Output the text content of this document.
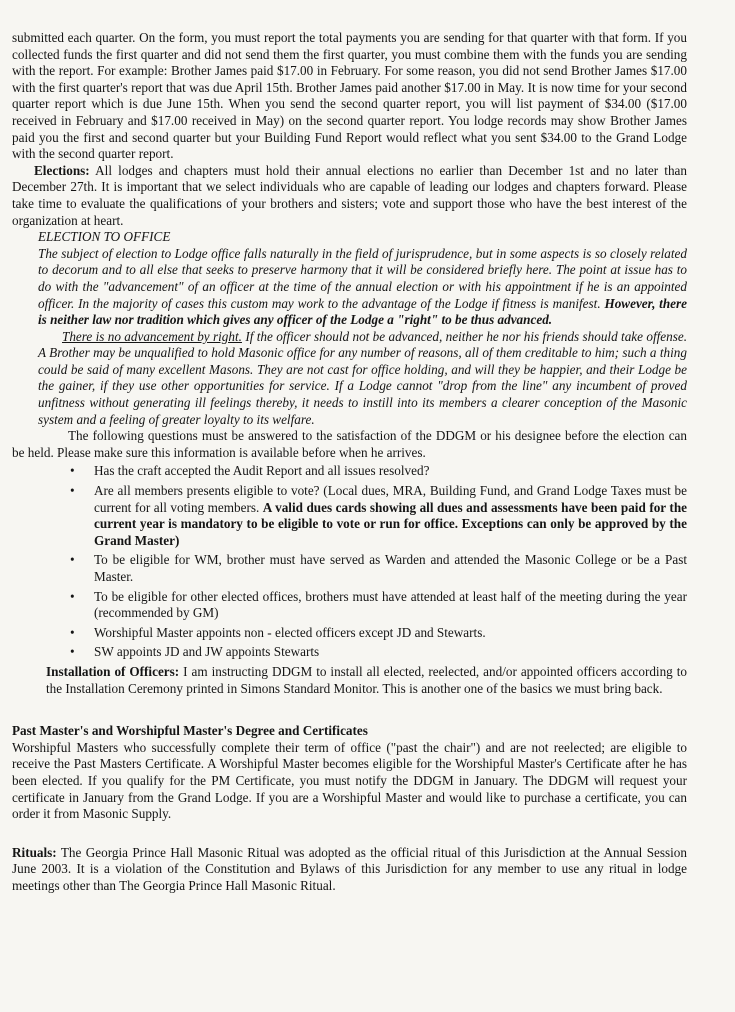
submitted each quarter. On the form, you must report the total payments you are sending for that quarter with that form. If you collected funds the first quarter and did not send them the first quarter, you must combine them with the funds you are sending with the report. For example: Brother James paid $17.00 in February. For some reason, you did not send Brother James $17.00 with the first quarter's report that was due April 15th. Brother James paid another $17.00 in May. It is now time for your second quarter report which is due June 15th. When you send the second quarter report, you will list payment of $34.00 ($17.00 received in February and $17.00 received in May) on the second quarter report. You lodge records may show Brother James paid you the first and second quarter but your Building Fund Report would reflect what you sent $34.00 to the Grand Lodge with the second quarter report.

Elections: All lodges and chapters must hold their annual elections no earlier than December 1st and no later than December 27th. It is important that we select individuals who are capable of leading our lodges and chapters forward. Please take time to evaluate the qualifications of your brothers and sisters; vote and support those who have the best interest of the organization at heart.

ELECTION TO OFFICE

The subject of election to Lodge office falls naturally in the field of jurisprudence, but in some aspects is so closely related to decorum and to all else that seeks to preserve harmony that it will be considered briefly here. The point at issue has to do with the "advancement" of an officer at the time of the annual election or with his appointment if he is an appointed officer. In the majority of cases this custom may work to the advantage of the Lodge if fitness is manifest. However, there is neither law nor tradition which gives any officer of the Lodge a "right" to be thus advanced.

There is no advancement by right. If the officer should not be advanced, neither he nor his friends should take offense. A Brother may be unqualified to hold Masonic office for any number of reasons, all of them creditable to him; such a thing could be said of many excellent Masons. They are not cast for office holding, and will they be happier, and their Lodge be the gainer, if they use other opportunities for service. If a Lodge cannot "drop from the line" any incumbent of proved unfitness without generating ill feelings thereby, it needs to instill into its members a clearer conception of the Masonic system and a feeling of greater loyalty to its welfare.

The following questions must be answered to the satisfaction of the DDGM or his designee before the election can be held. Please make sure this information is available before when he arrives.

• Has the craft accepted the Audit Report and all issues resolved?
• Are all members presents eligible to vote? (Local dues, MRA, Building Fund, and Grand Lodge Taxes must be current for all voting members. A valid dues cards showing all dues and assessments have been paid for the current year is mandatory to be eligible to vote or run for office. Exceptions can only be approved by the Grand Master)
• To be eligible for WM, brother must have served as Warden and attended the Masonic College or be a Past Master.
• To be eligible for other elected offices, brothers must have attended at least half of the meeting during the year (recommended by GM)
• Worshipful Master appoints non - elected officers except JD and Stewarts.
• SW appoints JD and JW appoints Stewarts

Installation of Officers: I am instructing DDGM to install all elected, reelected, and/or appointed officers according to the Installation Ceremony printed in Simons Standard Monitor. This is another one of the basics we must bring back.

Past Master's and Worshipful Master's Degree and Certificates

Worshipful Masters who successfully complete their term of office ("past the chair") and are not reelected; are eligible to receive the Past Masters Certificate. A Worshipful Master becomes eligible for the Worshipful Master's Certificate after he has been elected. If you qualify for the PM Certificate, you must notify the DDGM in January. The DDGM will request your certificate in January from the Grand Lodge. If you are a Worshipful Master and would like to purchase a certificate, you can order it from Masonic Supply.

Rituals: The Georgia Prince Hall Masonic Ritual was adopted as the official ritual of this Jurisdiction at the Annual Session June 2003. It is a violation of the Constitution and Bylaws of this Jurisdiction for any member to use any ritual in lodge meetings other than The Georgia Prince Hall Masonic Ritual.
